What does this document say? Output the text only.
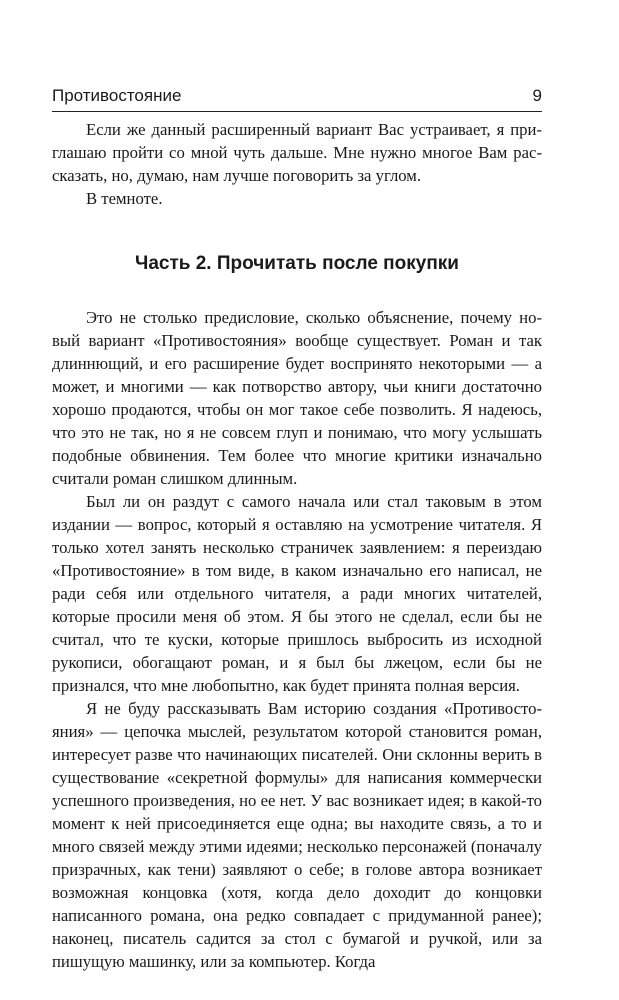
Противостояние	9

Если же данный расширенный вариант Вас устраивает, я приглашаю пройти со мной чуть дальше. Мне нужно многое Вам рассказать, но, думаю, нам лучше поговорить за углом.

В темноте.

Часть 2. Прочитать после покупки

Это не столько предисловие, сколько объяснение, почему новый вариант «Противостояния» вообще существует. Роман и так длиннющий, и его расширение будет воспринято некоторыми — а может, и многими — как потворство автору, чьи книги достаточно хорошо продаются, чтобы он мог такое себе позволить. Я надеюсь, что это не так, но я не совсем глуп и понимаю, что могу услышать подобные обвинения. Тем более что многие критики изначально считали роман слишком длинным.

Был ли он раздут с самого начала или стал таковым в этом издании — вопрос, который я оставляю на усмотрение читателя. Я только хотел занять несколько страничек заявлением: я переиздаю «Противостояние» в том виде, в каком изначально его написал, не ради себя или отдельного читателя, а ради многих читателей, которые просили меня об этом. Я бы этого не сделал, если бы не считал, что те куски, которые пришлось выбросить из исходной рукописи, обогащают роман, и я был бы лжецом, если бы не признался, что мне любопытно, как будет принята полная версия.

Я не буду рассказывать Вам историю создания «Противостояния» — цепочка мыслей, результатом которой становится роман, интересует разве что начинающих писателей. Они склонны верить в существование «секретной формулы» для написания коммерчески успешного произведения, но ее нет. У вас возникает идея; в какой-то момент к ней присоединяется еще одна; вы находите связь, а то и много связей между этими идеями; несколько персонажей (поначалу призрачных, как тени) заявляют о себе; в голове автора возникает возможная концовка (хотя, когда дело доходит до концовки написанного романа, она редко совпадает с придуманной ранее); наконец, писатель садится за стол с бумагой и ручкой, или за пишущую машинку, или за компьютер. Когда
